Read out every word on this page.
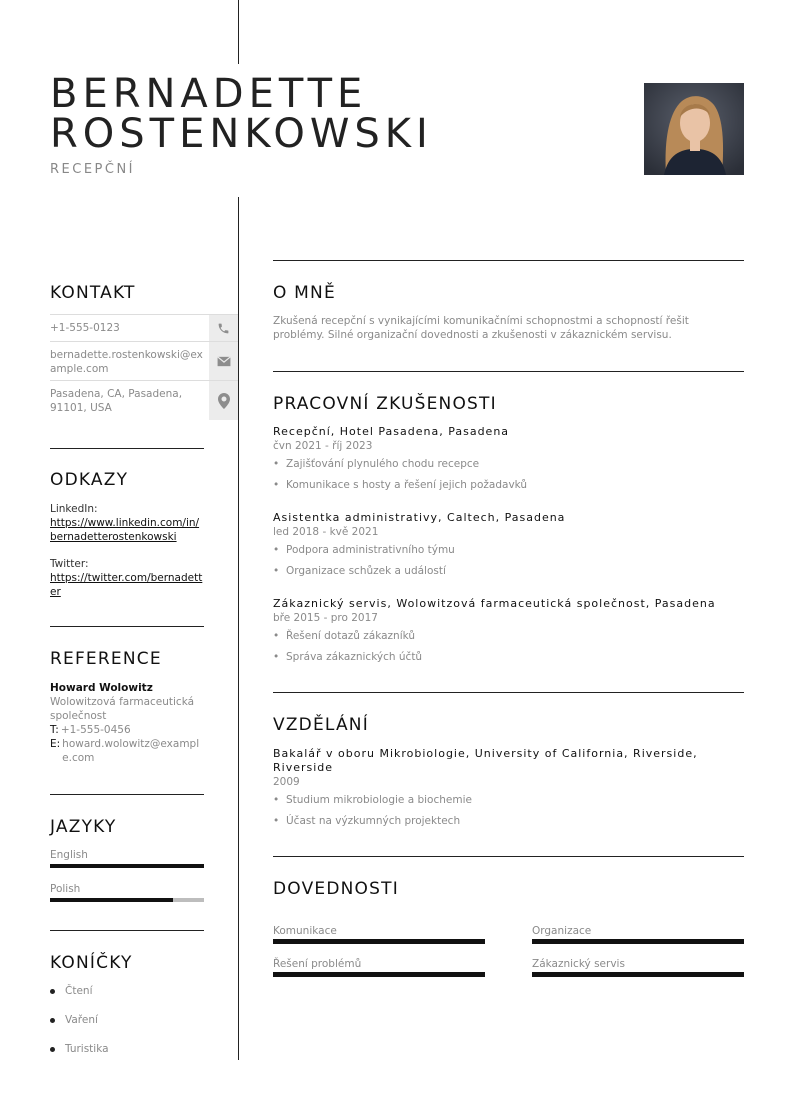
BERNADETTE
ROSTENKOWSKI
RECEPČNÍ
KONTAKT
+1-555-0123
bernadette.rostenkowski@example.com
Pasadena, CA, Pasadena, 91101, USA
ODKAZY
LinkedIn:
https://www.linkedin.com/in/bernadetterostenkowski
Twitter:
https://twitter.com/bernadetter
REFERENCE
Howard Wolowitz
Wolowitzová farmaceutická společnost
T: +1-555-0456
E: howard.wolowitz@example.com
JAZYKY
English
Polish
KONÍČKY
Čtení
Vaření
Turistika
O MNĚ
Zkušená recepční s vynikajícími komunikačními schopnostmi a schopností řešit problémy. Silné organizační dovednosti a zkušenosti v zákaznickém servisu.
PRACOVNÍ ZKUŠENOSTI
Recepční, Hotel Pasadena, Pasadena
čvn 2021 - říj 2023
• Zajišťování plynulého chodu recepce
• Komunikace s hosty a řešení jejich požadavků
Asistentka administrativy, Caltech, Pasadena
led 2018 - kvě 2021
• Podpora administrativního týmu
• Organizace schůzek a událostí
Zákaznický servis, Wolowitzová farmaceutická společnost, Pasadena
bře 2015 - pro 2017
• Řešení dotazů zákazníků
• Správa zákaznických účtů
VZDĚLÁNÍ
Bakalář v oboru Mikrobiologie, University of California, Riverside, Riverside
2009
• Studium mikrobiologie a biochemie
• Účast na výzkumných projektech
DOVEDNOSTI
Komunikace	Organizace
Řešení problémů	Zákaznický servis
